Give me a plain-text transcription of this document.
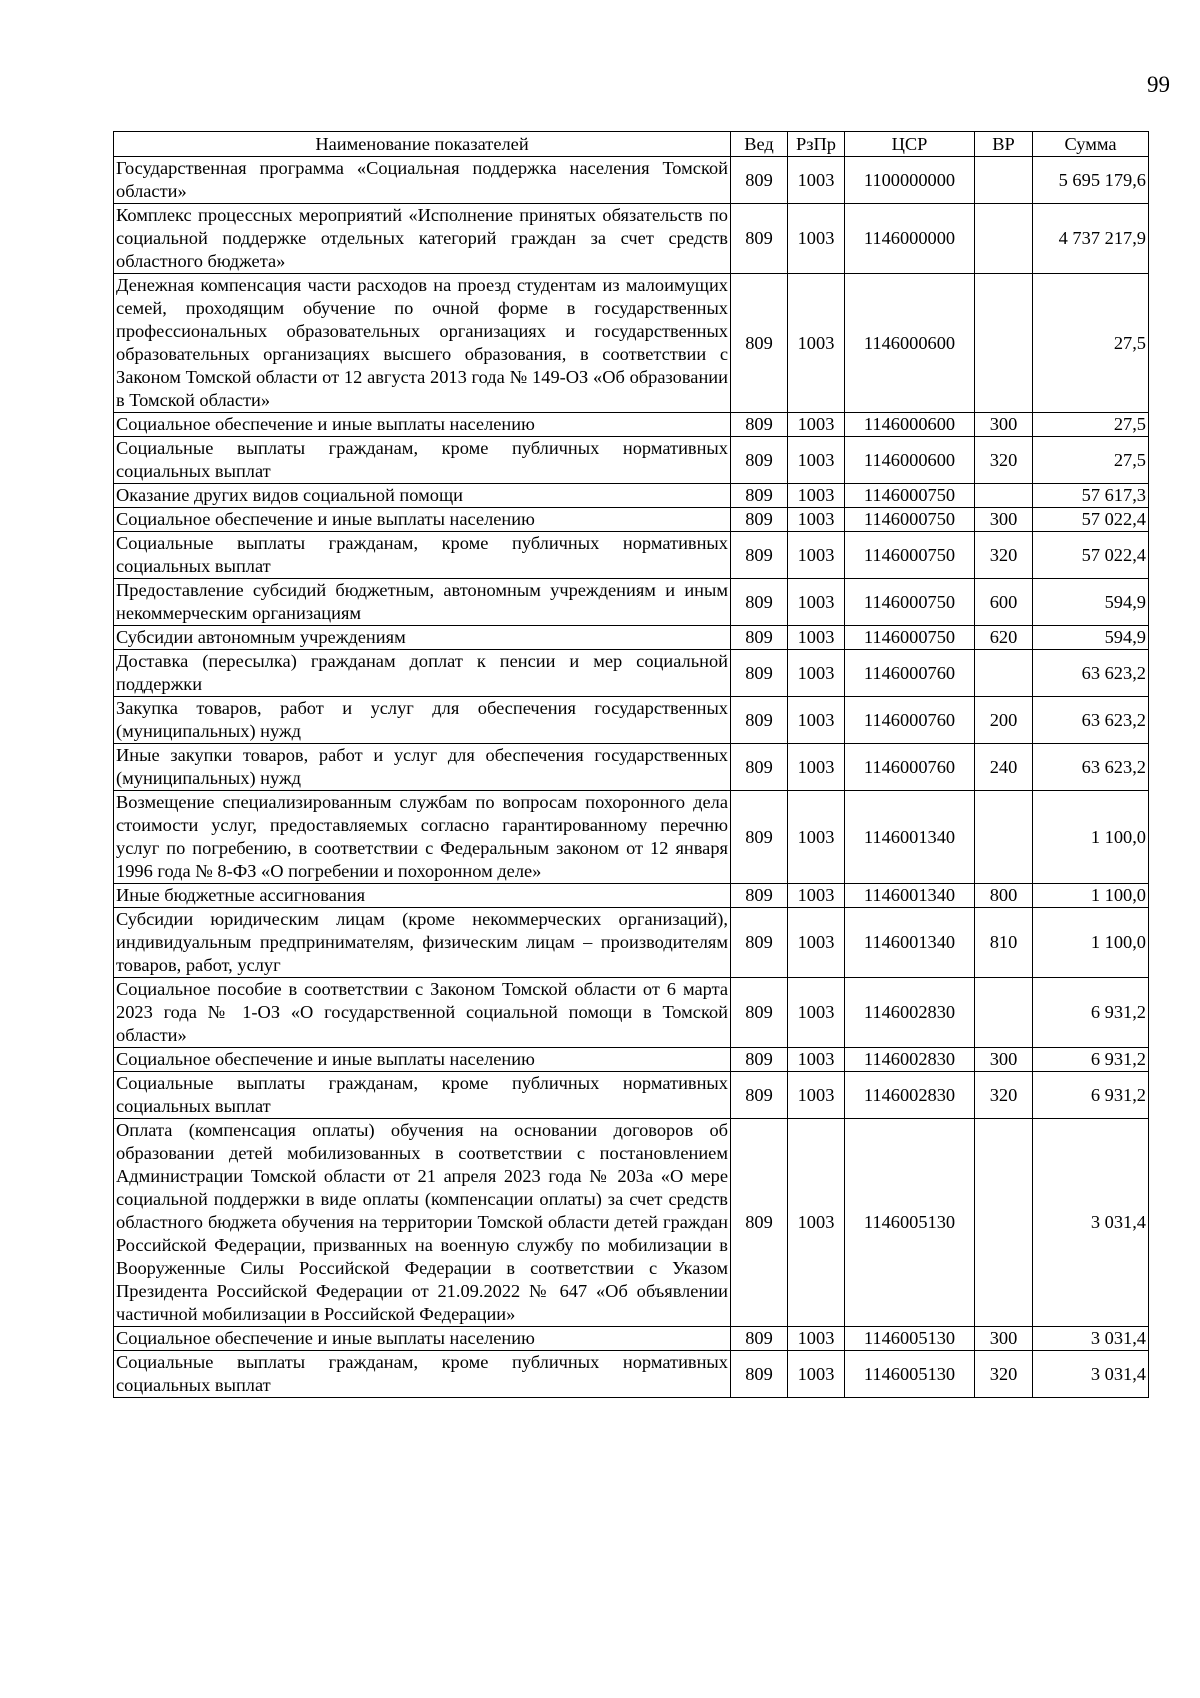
99
Наименование показателей	Вед	РзПр	ЦСР	ВР	Сумма
Государственная программа «Социальная поддержка населения Томской области»	809	1003	1100000000		5 695 179,6
Комплекс процессных мероприятий «Исполнение принятых обязательств по социальной поддержке отдельных категорий граждан за счет средств областного бюджета»	809	1003	1146000000		4 737 217,9
Денежная компенсация части расходов на проезд студентам из малоимущих семей, проходящим обучение по очной форме в государственных профессиональных образовательных организациях и государственных образовательных организациях высшего образования, в соответствии с Законом Томской области от 12 августа 2013 года № 149-ОЗ «Об образовании в Томской области»	809	1003	1146000600		27,5
Социальное обеспечение и иные выплаты населению	809	1003	1146000600	300	27,5
Социальные выплаты гражданам, кроме публичных нормативных социальных выплат	809	1003	1146000600	320	27,5
Оказание других видов социальной помощи	809	1003	1146000750		57 617,3
Социальное обеспечение и иные выплаты населению	809	1003	1146000750	300	57 022,4
Социальные выплаты гражданам, кроме публичных нормативных социальных выплат	809	1003	1146000750	320	57 022,4
Предоставление субсидий бюджетным, автономным учреждениям и иным некоммерческим организациям	809	1003	1146000750	600	594,9
Субсидии автономным учреждениям	809	1003	1146000750	620	594,9
Доставка (пересылка) гражданам доплат к пенсии и мер социальной поддержки	809	1003	1146000760		63 623,2
Закупка товаров, работ и услуг для обеспечения государственных (муниципальных) нужд	809	1003	1146000760	200	63 623,2
Иные закупки товаров, работ и услуг для обеспечения государственных (муниципальных) нужд	809	1003	1146000760	240	63 623,2
Возмещение специализированным службам по вопросам похоронного дела стоимости услуг, предоставляемых согласно гарантированному перечню услуг по погребению, в соответствии с Федеральным законом от 12 января 1996 года № 8-ФЗ «О погребении и похоронном деле»	809	1003	1146001340		1 100,0
Иные бюджетные ассигнования	809	1003	1146001340	800	1 100,0
Субсидии юридическим лицам (кроме некоммерческих организаций), индивидуальным предпринимателям, физическим лицам – производителям товаров, работ, услуг	809	1003	1146001340	810	1 100,0
Социальное пособие в соответствии с Законом Томской области от 6 марта 2023 года № 1-ОЗ «О государственной социальной помощи в Томской области»	809	1003	1146002830		6 931,2
Социальное обеспечение и иные выплаты населению	809	1003	1146002830	300	6 931,2
Социальные выплаты гражданам, кроме публичных нормативных социальных выплат	809	1003	1146002830	320	6 931,2
Оплата (компенсация оплаты) обучения на основании договоров об образовании детей мобилизованных в соответствии с постановлением Администрации Томской области от 21 апреля 2023 года № 203а «О мере социальной поддержки в виде оплаты (компенсации оплаты) за счет средств областного бюджета обучения на территории Томской области детей граждан Российской Федерации, призванных на военную службу по мобилизации в Вооруженные Силы Российской Федерации в соответствии с Указом Президента Российской Федерации от 21.09.2022 № 647 «Об объявлении частичной мобилизации в Российской Федерации»	809	1003	1146005130		3 031,4
Социальное обеспечение и иные выплаты населению	809	1003	1146005130	300	3 031,4
Социальные выплаты гражданам, кроме публичных нормативных социальных выплат	809	1003	1146005130	320	3 031,4
